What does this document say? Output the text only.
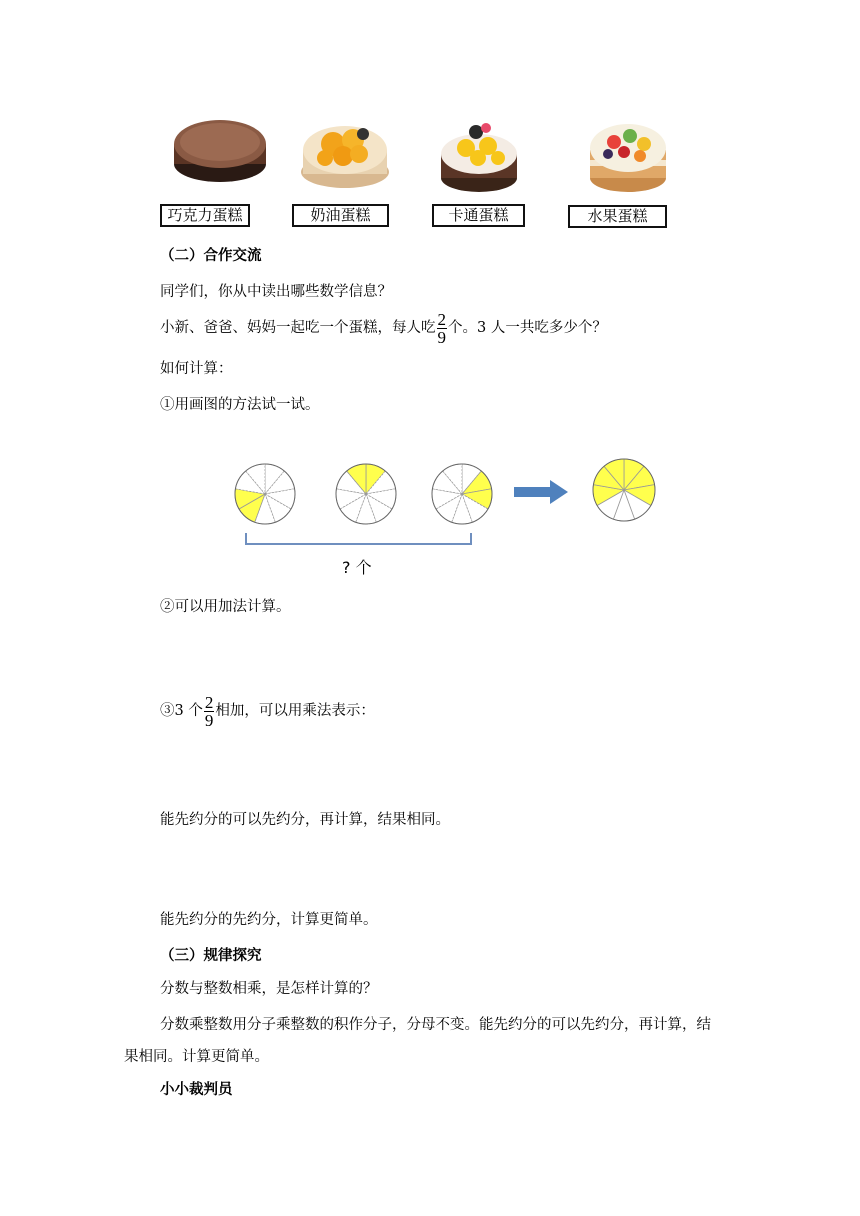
巧克力蛋糕	奶油蛋糕	卡通蛋糕	水果蛋糕
（二）合作交流
同学们，你从中读出哪些数学信息？
小新、爸爸、妈妈一起吃一个蛋糕，每人吃 $\frac{2}{9}$ 个。3 人一共吃多少个？
如何计算：
①用画图的方法试一试。
? 个
②可以用加法计算。
③3 个 $\frac{2}{9}$ 相加，可以用乘法表示：
能先约分的可以先约分，再计算，结果相同。
能先约分的先约分，计算更简单。
（三）规律探究
分数与整数相乘，是怎样计算的？
分数乘整数用分子乘整数的积作分子，分母不变。能先约分的可以先约分，再计算，结
果相同。计算更简单。
小小裁判员
